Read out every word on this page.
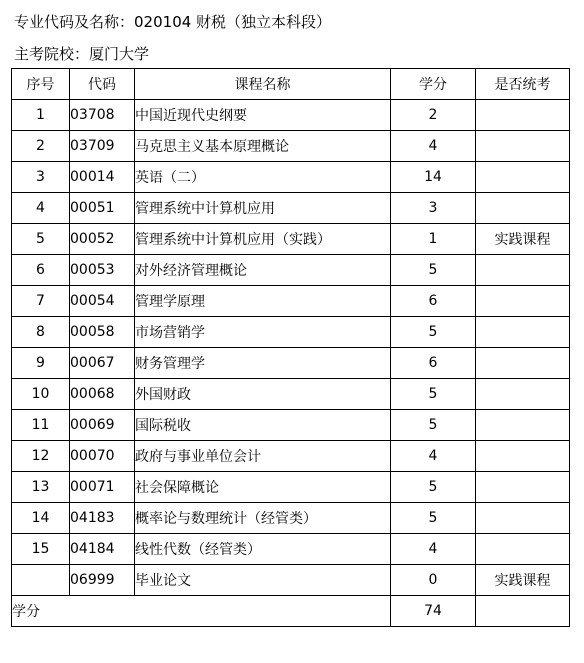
专业代码及名称：020104 财税（独立本科段）
主考院校：厦门大学
序号	代码	课程名称	学分	是否统考
1	03708	中国近现代史纲要	2	
2	03709	马克思主义基本原理概论	4	
3	00014	英语（二）	14	
4	00051	管理系统中计算机应用	3	
5	00052	管理系统中计算机应用（实践）	1	实践课程
6	00053	对外经济管理概论	5	
7	00054	管理学原理	6	
8	00058	市场营销学	5	
9	00067	财务管理学	6	
10	00068	外国财政	5	
11	00069	国际税收	5	
12	00070	政府与事业单位会计	4	
13	00071	社会保障概论	5	
14	04183	概率论与数理统计（经管类）	5	
15	04184	线性代数（经管类）	4	
	06999	毕业论文	0	实践课程
学分			74	
